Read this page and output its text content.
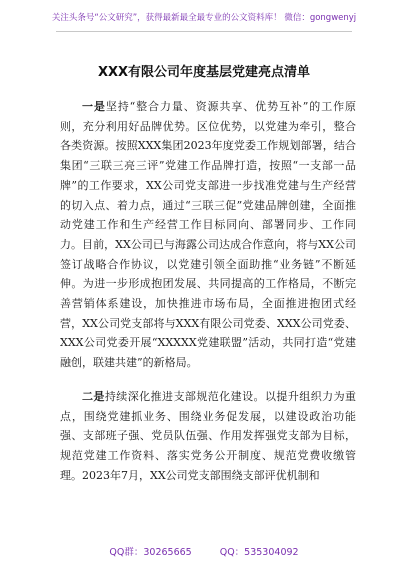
关注头条号“公文研究”，获得最新最全最专业的公文资料库！ 微信：gongwenyj
XXX有限公司年度基层党建亮点清单

一是坚持“整合力量、资源共享、优势互补”的工作原则，充分利用好品牌优势。区位优势，以党建为牵引，整合各类资源。按照XXX集团2023年度党委工作规划部署，结合集团“三联三亮三评”党建工作品牌打造，按照“一支部一品牌”的工作要求，XX公司党支部进一步找准党建与生产经营的切入点、着力点，通过“三联三促”党建品牌创建，全面推动党建工作和生产经营工作目标同向、部署同步、工作同力。目前，XX公司已与海露公司达成合作意向，将与XX公司签订战略合作协议，以党建引领全面助推“业务链”不断延伸。为进一步形成抱团发展、共同提高的工作格局，不断完善营销体系建设，加快推进市场布局，全面推进抱团式经营，XX公司党支部将与XXX有限公司党委、XXX公司党委、XXX公司党委开展“XXXXX党建联盟”活动，共同打造“党建融创，联建共建”的新格局。

二是持续深化推进支部规范化建设。以提升组织力为重点，围绕党建抓业务、围绕业务促发展，以建设政治功能强、支部班子强、党员队伍强、作用发挥强党支部为目标，规范党建工作资料、落实党务公开制度、规范党费收缴管理。2023年7月，XX公司党支部围绕支部评优机制和

QQ群：30265665	QQ：535304092
